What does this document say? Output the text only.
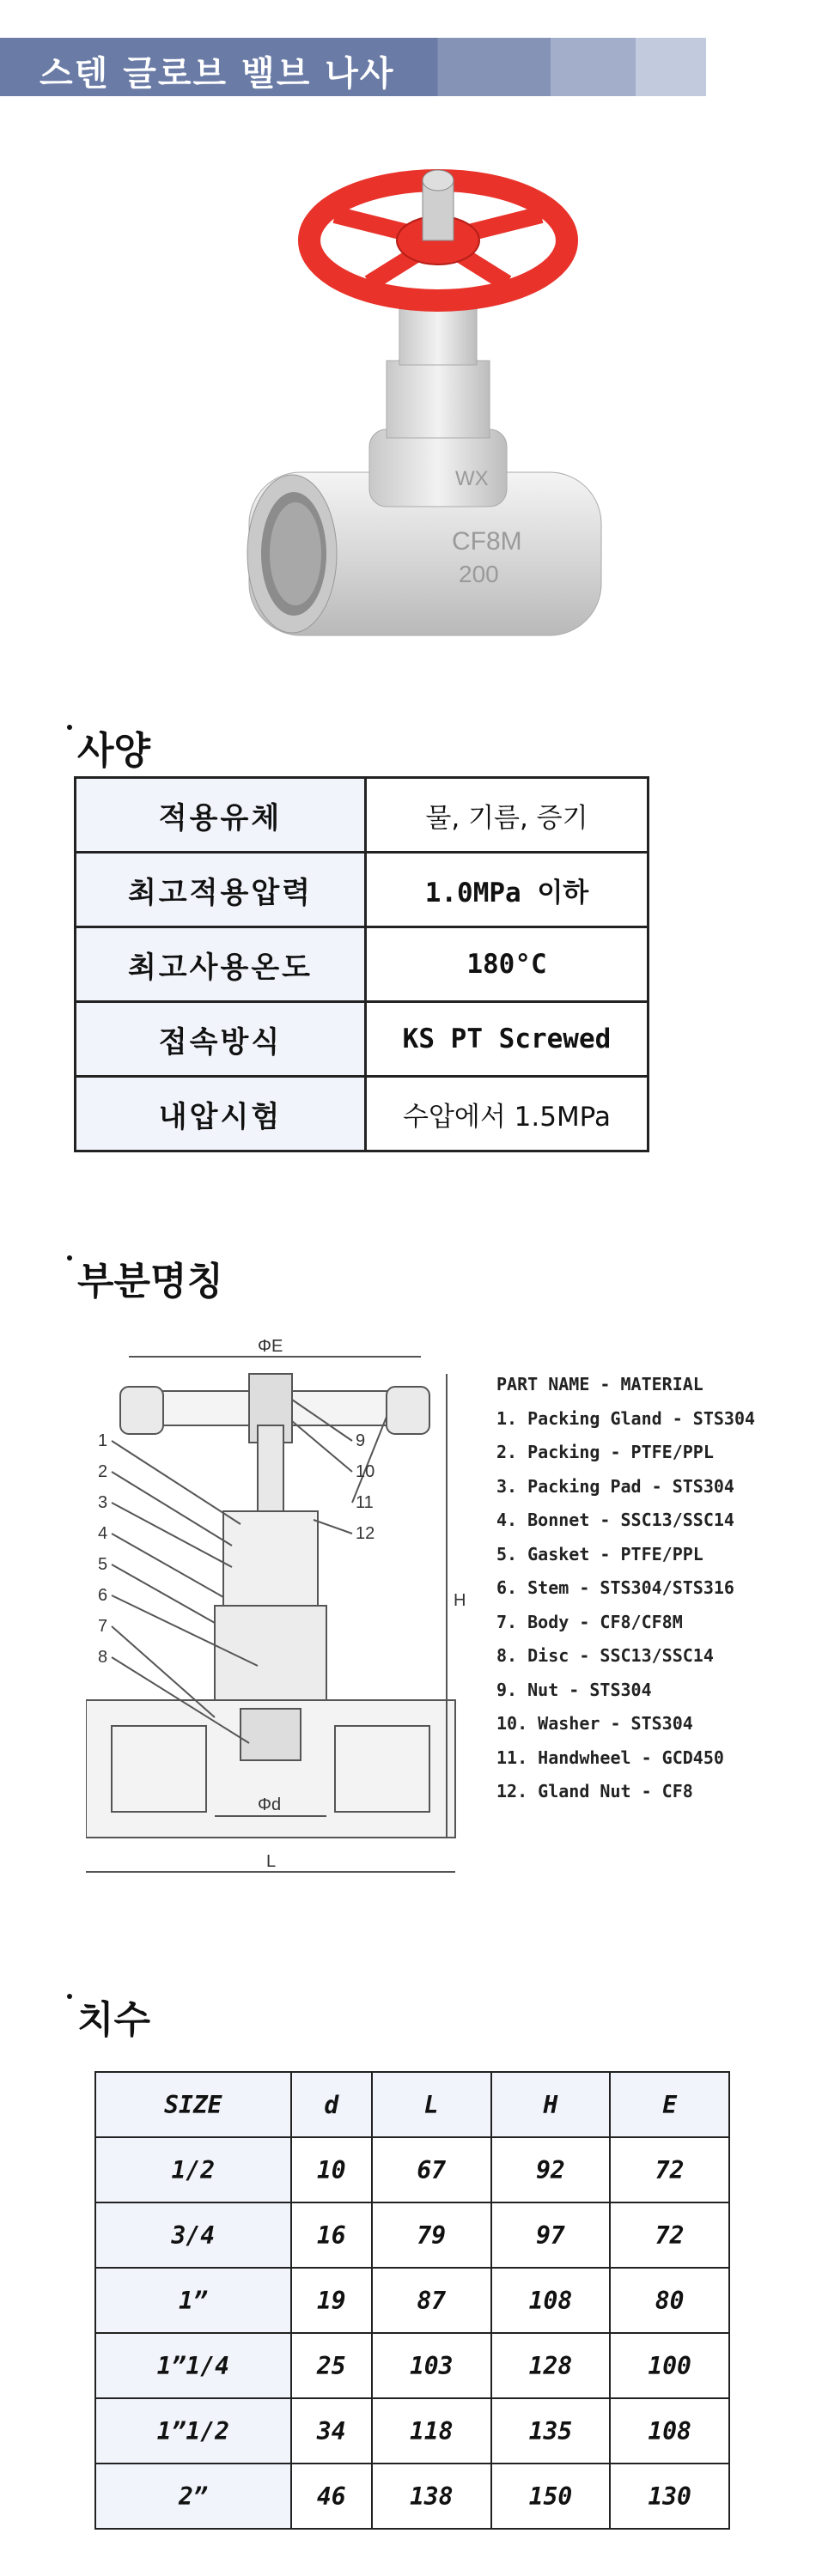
스텐 글로브 밸브 나사
CF8M
200
WX
사양
적용유체	물, 기름, 증기
최고적용압력	1.0MPa 이하
최고사용온도	180°C
접속방식	KS PT Screwed
내압시험	수압에서 1.5MPa
부분명칭
ΦE
H
Φd
L
1
2
3
4
5
6
7
8
9
10
11
12
PART NAME - MATERIAL
1. Packing Gland - STS304
2. Packing - PTFE/PPL
3. Packing Pad - STS304
4. Bonnet - SSC13/SSC14
5. Gasket - PTFE/PPL
6. Stem - STS304/STS316
7. Body - CF8/CF8M
8. Disc - SSC13/SSC14
9. Nut - STS304
10. Washer - STS304
11. Handwheel - GCD450
12. Gland Nut - CF8
치수
SIZE	d	L	H	E
1/2	10	67	92	72
3/4	16	79	97	72
1”	19	87	108	80
1”1/4	25	103	128	100
1”1/2	34	118	135	108
2”	46	138	150	130
